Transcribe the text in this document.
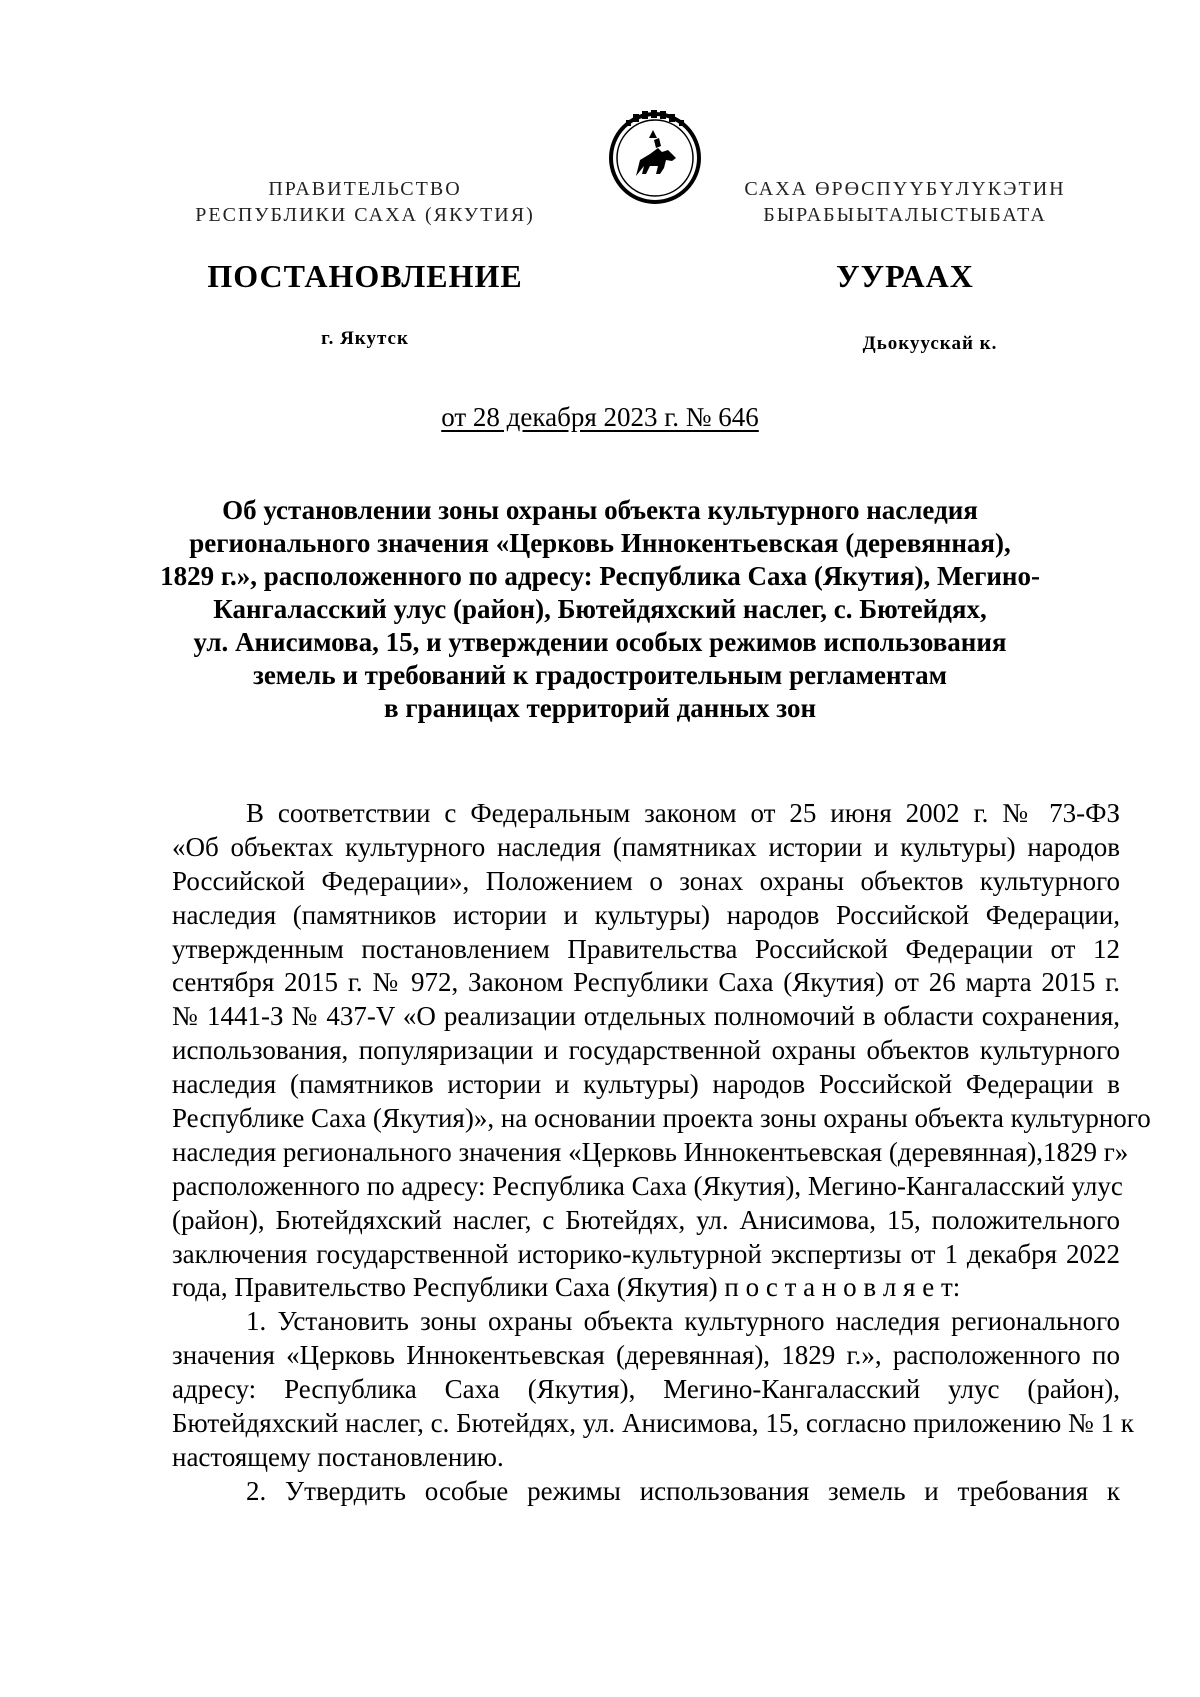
ПРАВИТЕЛЬСТВО
РЕСПУБЛИКИ САХА (ЯКУТИЯ)
САХА ӨРӨСПҮҮБҮЛҮКЭТИН
БЫРАБЫЫТАЛЫСТЫБАТА
ПОСТАНОВЛЕНИЕ	УУРААХ
г. Якутск	Дьокуускай к.
от 28 декабря 2023 г. № 646
Об установлении зоны охраны объекта культурного наследия
регионального значения «Церковь Иннокентьевская (деревянная),
1829 г.», расположенного по адресу: Республика Саха (Якутия), Мегино-
Кангаласский улус (район), Бютейдяхский наслег, с. Бютейдях,
ул. Анисимова, 15, и утверждении особых режимов использования
земель и требований к градостроительным регламентам
в границах территорий данных зон
В соответствии с Федеральным законом от 25 июня 2002 г. № 73-ФЗ
«Об объектах культурного наследия (памятниках истории и культуры) народов
Российской Федерации», Положением о зонах охраны объектов культурного
наследия (памятников истории и культуры) народов Российской Федерации,
утвержденным постановлением Правительства Российской Федерации от 12
сентября 2015 г. № 972, Законом Республики Саха (Якутия) от 26 марта 2015 г.
№ 1441-З № 437-V «О реализации отдельных полномочий в области сохранения,
использования, популяризации и государственной охраны объектов культурного
наследия (памятников истории и культуры) народов Российской Федерации в
Республике Саха (Якутия)», на основании проекта зоны охраны объекта культурного
наследия регионального значения «Церковь Иннокентьевская (деревянная),1829 г»
расположенного по адресу: Республика Саха (Якутия), Мегино-Кангаласский улус
(район), Бютейдяхский наслег, с Бютейдях, ул. Анисимова, 15, положительного
заключения государственной историко-культурной экспертизы от 1 декабря 2022
года, Правительство Республики Саха (Якутия) п о с т а н о в л я е т:
1. Установить зоны охраны объекта культурного наследия регионального
значения «Церковь Иннокентьевская (деревянная), 1829 г.», расположенного по
адресу: Республика Саха (Якутия), Мегино-Кангаласский улус (район),
Бютейдяхский наслег, с. Бютейдях, ул. Анисимова, 15, согласно приложению № 1 к
настоящему постановлению.
2. Утвердить особые режимы использования земель и требования к
